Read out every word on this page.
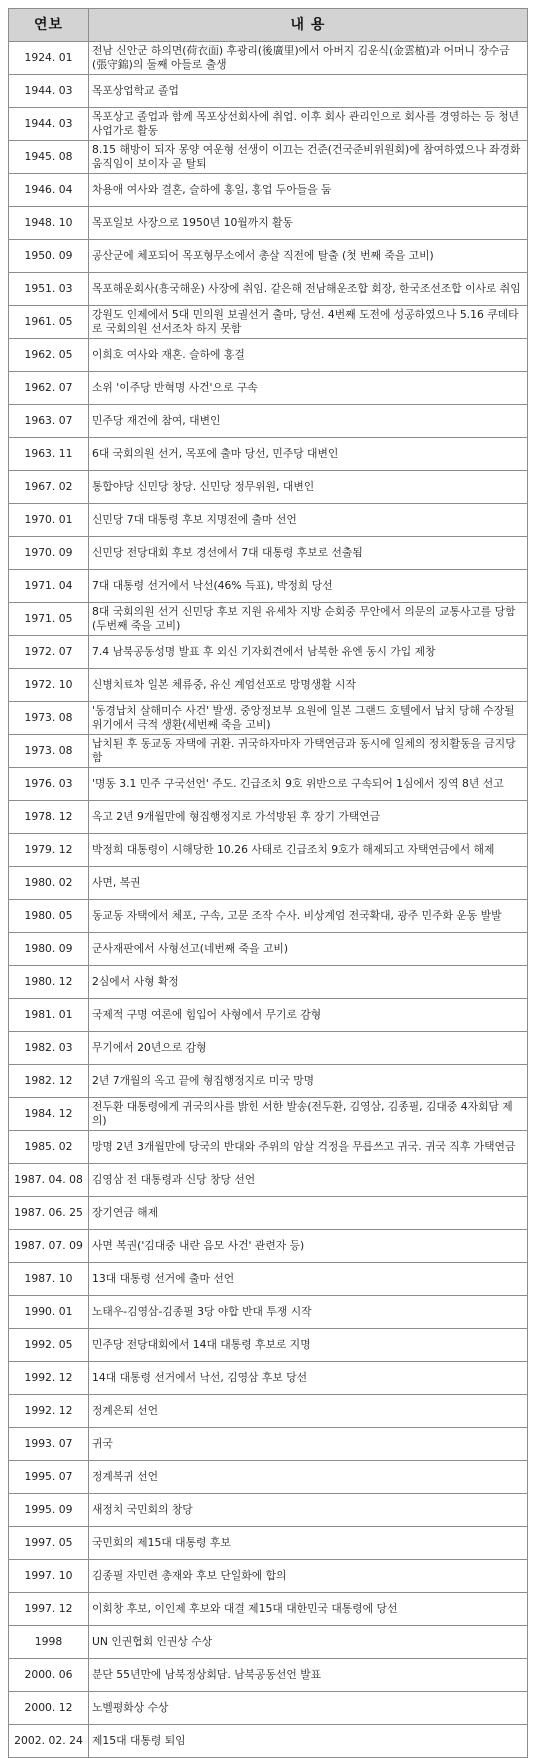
연보	내 용
1924. 01	전남 신안군 하의면(荷衣面) 후광리(後廣里)에서 아버지 김운식(金雲植)과 어머니 장수금(張守錦)의 둘째 아들로 출생
1944. 03	목포상업학교 졸업
1944. 03	목포상고 졸업과 함께 목포상선회사에 취업. 이후 회사 관리인으로 회사를 경영하는 등 청년 사업가로 활동
1945. 08	8.15 해방이 되자 몽양 여운형 선생이 이끄는 건준(건국준비위원회)에 참여하였으나 좌경화 움직임이 보이자 곧 탈퇴
1946. 04	차용애 여사와 결혼, 슬하에 홍일, 홍업 두아들을 둠
1948. 10	목포일보 사장으로 1950년 10월까지 활동
1950. 09	공산군에 체포되어 목포형무소에서 총살 직전에 탈출 (첫 번째 죽을 고비)
1951. 03	목포해운회사(흥국해운) 사장에 취임. 같은해 전남해운조합 회장, 한국조선조합 이사로 취임
1961. 05	강원도 인제에서 5대 민의원 보궐선거 출마, 당선. 4번째 도전에 성공하였으나 5.16 쿠데타로 국회의원 선서조차 하지 못함
1962. 05	이희호 여사와 재혼. 슬하에 홍걸
1962. 07	소위 '이주당 반혁명 사건'으로 구속
1963. 07	민주당 재건에 참여, 대변인
1963. 11	6대 국회의원 선거, 목포에 출마 당선, 민주당 대변인
1967. 02	통합야당 신민당 창당. 신민당 정무위원, 대변인
1970. 01	신민당 7대 대통령 후보 지명전에 출마 선언
1970. 09	신민당 전당대회 후보 경선에서 7대 대통령 후보로 선출됨
1971. 04	7대 대통령 선거에서 낙선(46% 득표), 박정희 당선
1971. 05	8대 국회의원 선거 신민당 후보 지원 유세차 지방 순회중 무안에서 의문의 교통사고를 당함(두번째 죽을 고비)
1972. 07	7.4 남북공동성명 발표 후 외신 기자회견에서 남북한 유엔 동시 가입 제창
1972. 10	신병치료차 일본 체류중, 유신 계엄선포로 망명생활 시작
1973. 08	'동경납치 살해미수 사건' 발생. 중앙정보부 요원에 일본 그랜드 호텔에서 납치 당해 수장될 위기에서 극적 생환(세번째 죽을 고비)
1973. 08	납치된 후 동교동 자택에 귀환. 귀국하자마자 가택연금과 동시에 일체의 정치활동을 금지당함
1976. 03	'명동 3.1 민주 구국선언' 주도. 긴급조치 9호 위반으로 구속되어 1심에서 징역 8년 선고
1978. 12	옥고 2년 9개월만에 형집행정지로 가석방된 후 장기 가택연금
1979. 12	박정희 대통령이 시해당한 10.26 사태로 긴급조치 9호가 해제되고 자택연금에서 해제
1980. 02	사면, 복권
1980. 05	동교동 자택에서 체포, 구속, 고문 조작 수사. 비상계엄 전국확대, 광주 민주화 운동 발발
1980. 09	군사재판에서 사형선고(네번째 죽을 고비)
1980. 12	2심에서 사형 확정
1981. 01	국제적 구명 여론에 힘입어 사형에서 무기로 감형
1982. 03	무기에서 20년으로 감형
1982. 12	2년 7개월의 옥고 끝에 형집행정지로 미국 망명
1984. 12	전두환 대통령에게 귀국의사를 밝힌 서한 발송(전두환, 김영삼, 김종필, 김대중 4자회담 제의)
1985. 02	망명 2년 3개월만에 당국의 반대와 주위의 암살 걱정을 무릅쓰고 귀국. 귀국 직후 가택연금
1987. 04. 08	김영삼 전 대통령과 신당 창당 선언
1987. 06. 25	장기연금 해제
1987. 07. 09	사면 복권('김대중 내란 음모 사건' 관련자 등)
1987. 10	13대 대통령 선거에 출마 선언
1990. 01	노태우-김영삼-김종필 3당 야합 반대 투쟁 시작
1992. 05	민주당 전당대회에서 14대 대통령 후보로 지명
1992. 12	14대 대통령 선거에서 낙선, 김영삼 후보 당선
1992. 12	정계은퇴 선언
1993. 07	귀국
1995. 07	정계복귀 선언
1995. 09	새정치 국민회의 창당
1997. 05	국민회의 제15대 대통령 후보
1997. 10	김종필 자민련 총재와 후보 단일화에 합의
1997. 12	이회창 후보, 이인제 후보와 대결 제15대 대한민국 대통령에 당선
1998	UN 인권협회 인권상 수상
2000. 06	분단 55년만에 남북정상회담. 남북공동선언 발표
2000. 12	노벨평화상 수상
2002. 02. 24	제15대 대통령 퇴임
